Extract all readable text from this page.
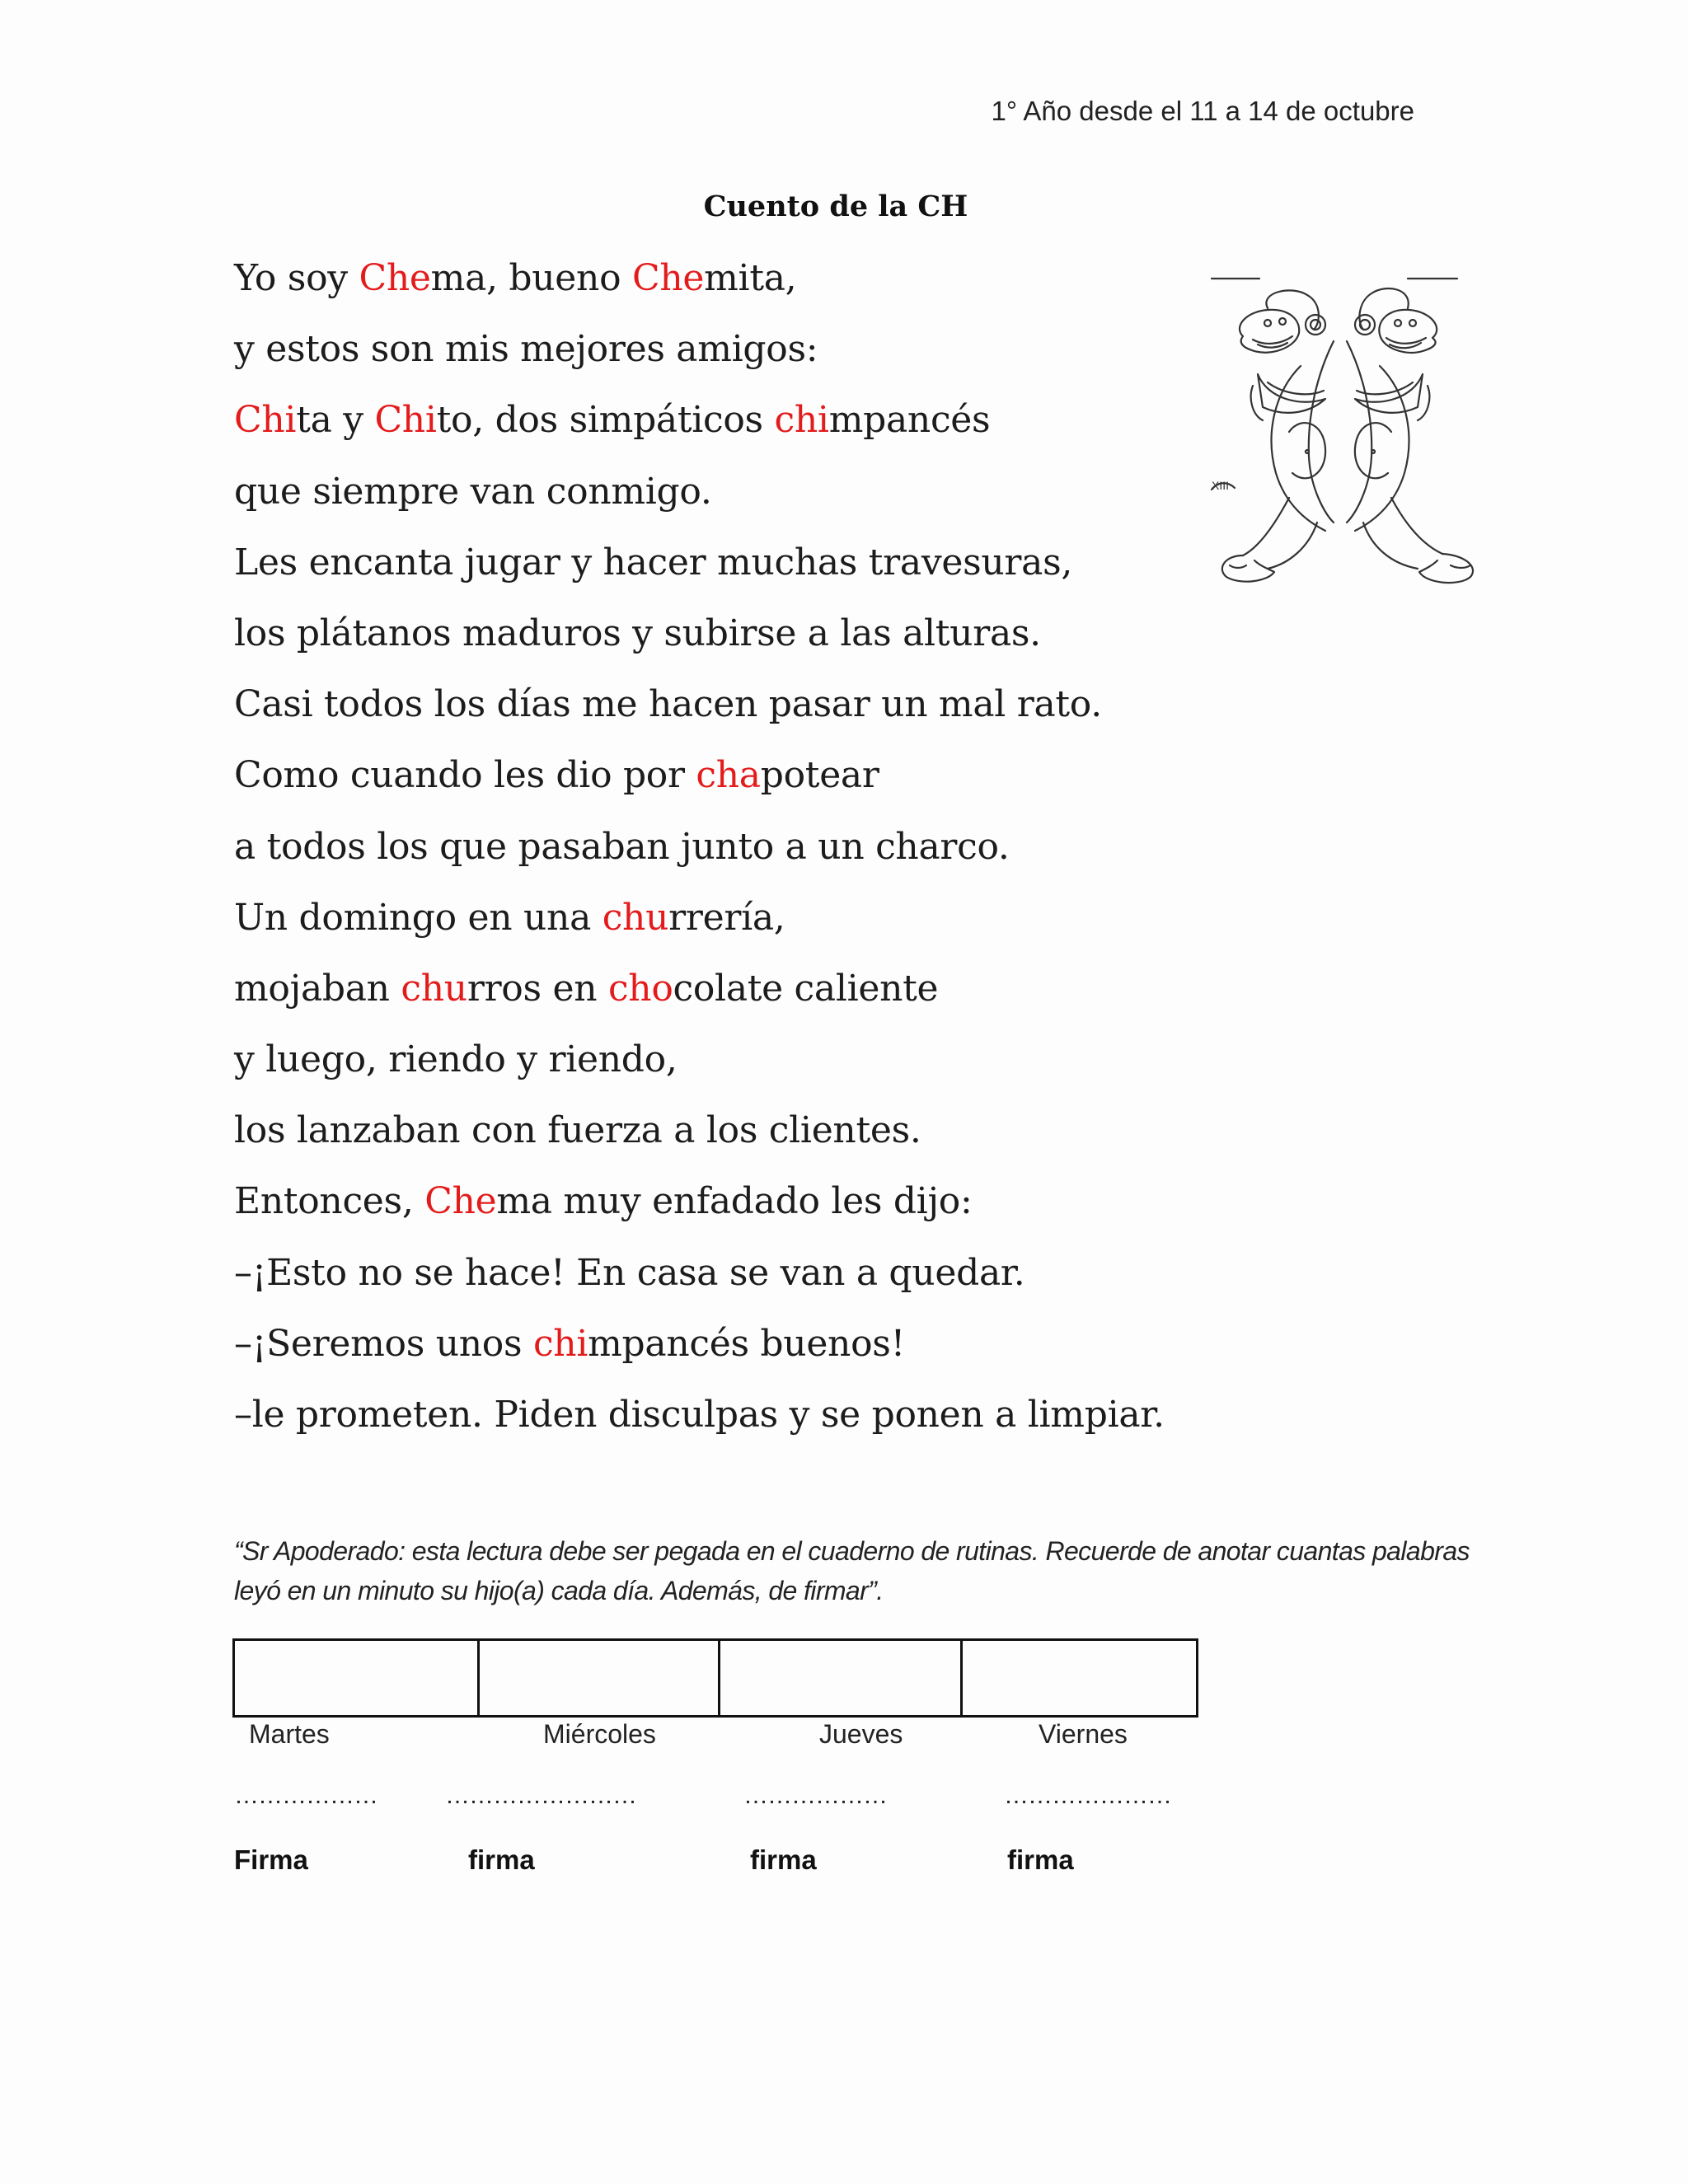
1° Año desde el 11 a 14 de octubre
Cuento de la CH
Yo soy Chema, bueno Chemita,
y estos son mis mejores amigos:
Chita y Chito, dos simpáticos chimpancés
que siempre van conmigo.
Les encanta jugar y hacer muchas travesuras,
los plátanos maduros y subirse a las alturas.
Casi todos los días me hacen pasar un mal rato.
Como cuando les dio por chapotear
a todos los que pasaban junto a un charco.
Un domingo en una churrería,
mojaban churros en chocolate caliente
y luego, riendo y riendo,
los lanzaban con fuerza a los clientes.
Entonces, Chema muy enfadado les dijo:
–¡Esto no se hace! En casa se van a quedar.
–¡Seremos unos chimpancés buenos!
–le prometen. Piden disculpas y se ponen a limpiar.
XIII
“Sr Apoderado: esta lectura debe ser pegada en el cuaderno de rutinas. Recuerde de anotar cuantas palabras leyó en un minuto su hijo(a) cada día. Además, de firmar”.
Martes	Miércoles	Jueves	Viernes
………………	……………………	………………	…………………
Firma	firma	firma	firma
